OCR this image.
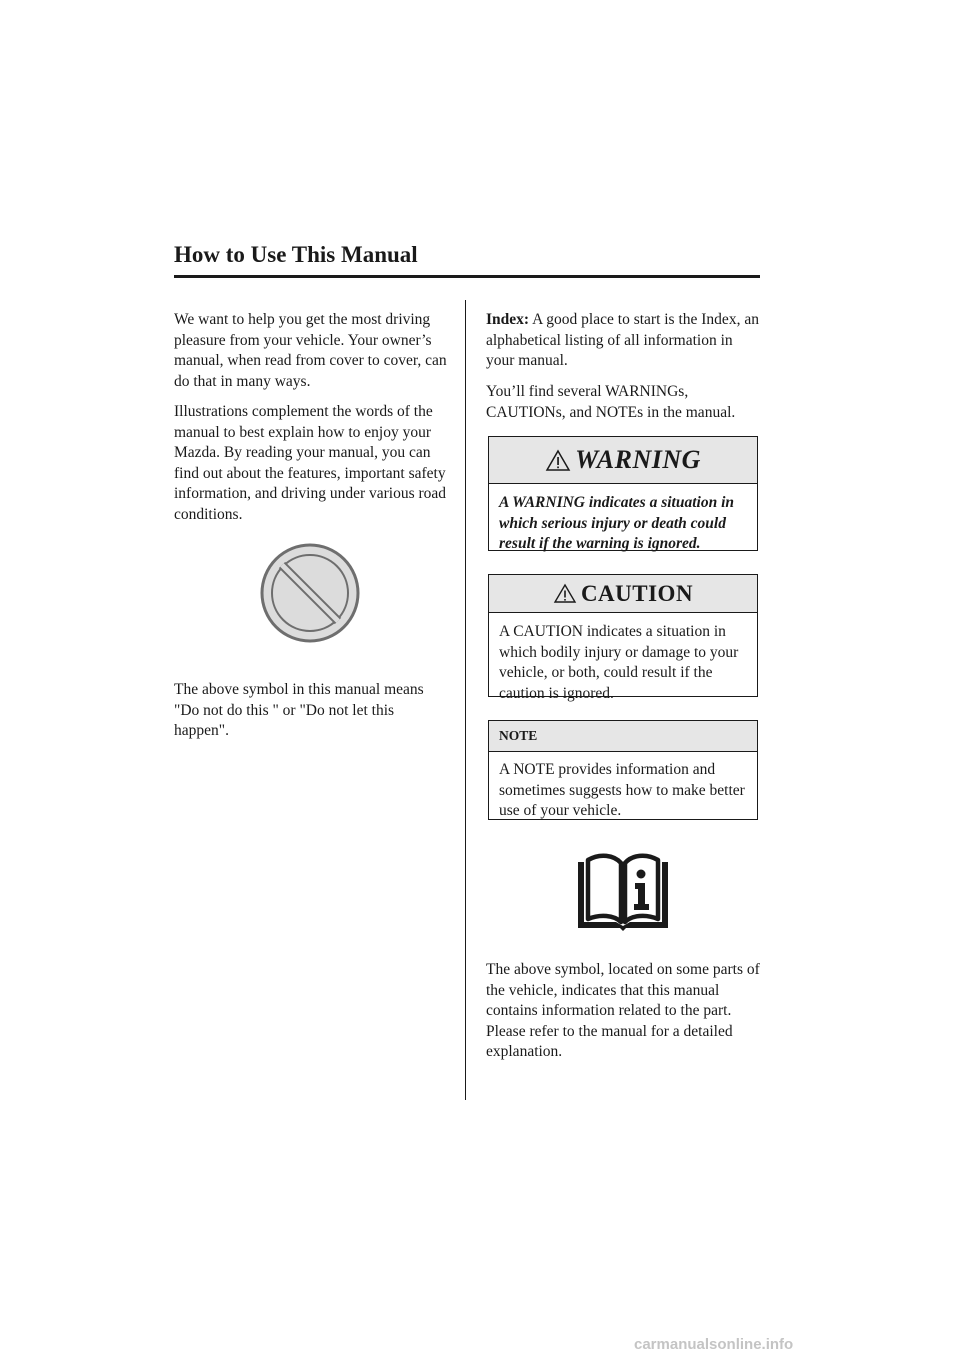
How to Use This Manual

We want to help you get the most driving pleasure from your vehicle. Your owner’s manual, when read from cover to cover, can do that in many ways.

Illustrations complement the words of the manual to best explain how to enjoy your Mazda. By reading your manual, you can find out about the features, important safety information, and driving under various road conditions.

The above symbol in this manual means "Do not do this " or "Do not let this happen".

Index: A good place to start is the Index, an alphabetical listing of all information in your manual.

You’ll find several WARNINGs, CAUTIONs, and NOTEs in the manual.

WARNING
A WARNING indicates a situation in which serious injury or death could result if the warning is ignored.
CAUTION
A CAUTION indicates a situation in which bodily injury or damage to your vehicle, or both, could result if the caution is ignored.
NOTE
A NOTE provides information and sometimes suggests how to make better use of your vehicle.

The above symbol, located on some parts of the vehicle, indicates that this manual contains information related to the part. Please refer to the manual for a detailed explanation.

carmanualsonline.info
